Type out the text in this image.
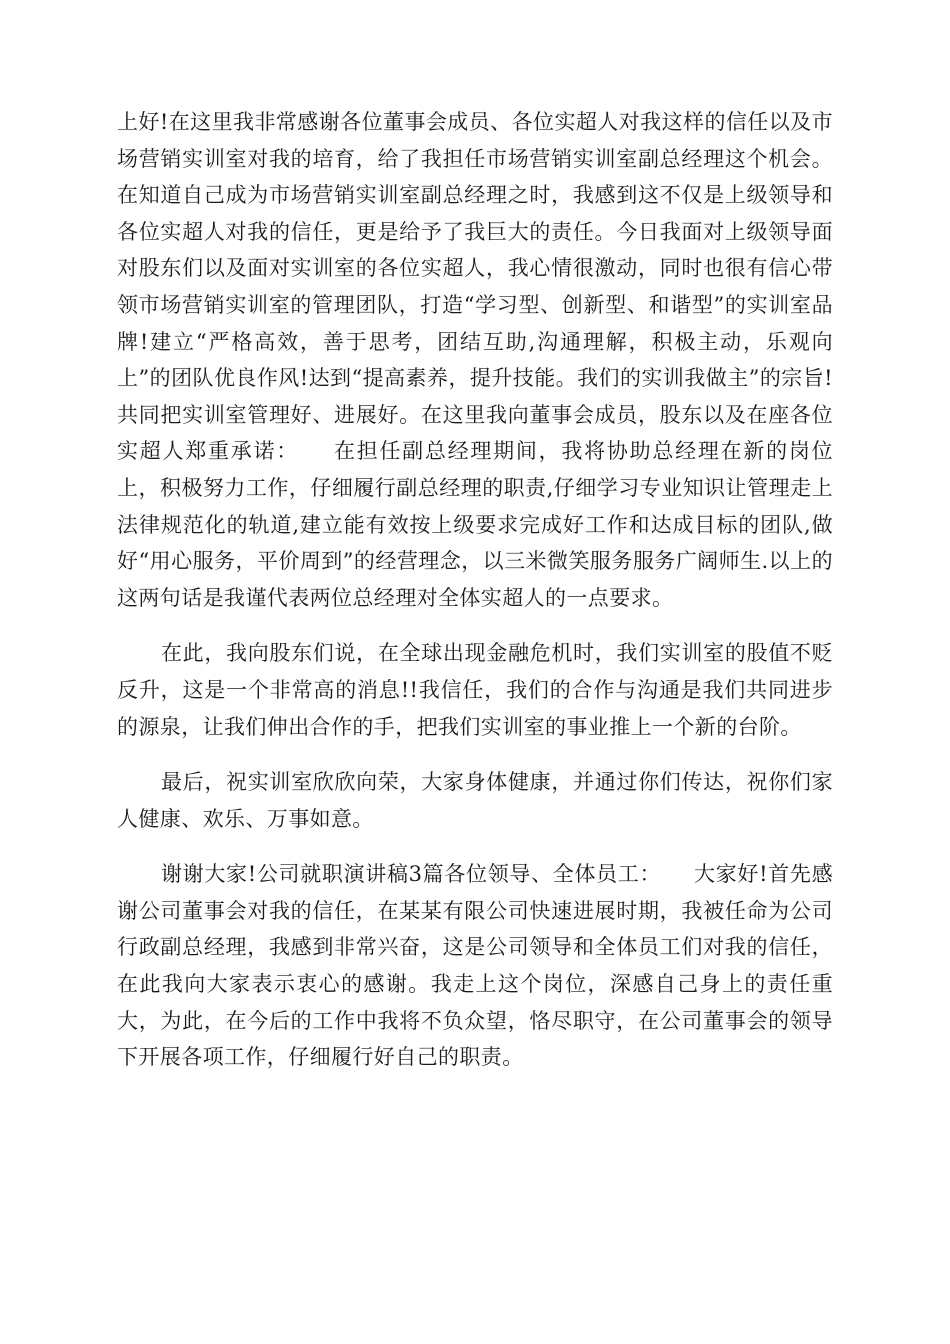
上好!在这里我非常感谢各位董事会成员、各位实超人对我这样的信任以及市场营销实训室对我的培育，给了我担任市场营销实训室副总经理这个机会。在知道自己成为市场营销实训室副总经理之时，我感到这不仅是上级领导和各位实超人对我的信任，更是给予了我巨大的责任。今日我面对上级领导面对股东们以及面对实训室的各位实超人，我心情很激动，同时也很有信心带领市场营销实训室的管理团队，打造“学习型、创新型、和谐型”的实训室品牌!建立“严格高效，善于思考，团结互助,沟通理解，积极主动，乐观向上”的团队优良作风!达到“提高素养，提升技能。我们的实训我做主”的宗旨!共同把实训室管理好、进展好。在这里我向董事会成员，股东以及在座各位实超人郑重承诺：　　在担任副总经理期间，我将协助总经理在新的岗位上，积极努力工作，仔细履行副总经理的职责,仔细学习专业知识让管理走上法律规范化的轨道,建立能有效按上级要求完成好工作和达成目标的团队,做好“用心服务，平价周到”的经营理念，以三米微笑服务服务广阔师生.以上的这两句话是我谨代表两位总经理对全体实超人的一点要求。

在此，我向股东们说，在全球出现金融危机时，我们实训室的股值不贬反升，这是一个非常高的消息!!我信任，我们的合作与沟通是我们共同进步的源泉，让我们伸出合作的手，把我们实训室的事业推上一个新的台阶。

最后，祝实训室欣欣向荣，大家身体健康，并通过你们传达，祝你们家人健康、欢乐、万事如意。

谢谢大家!公司就职演讲稿3篇各位领导、全体员工：　　大家好!首先感谢公司董事会对我的信任，在某某有限公司快速进展时期，我被任命为公司行政副总经理，我感到非常兴奋，这是公司领导和全体员工们对我的信任，在此我向大家表示衷心的感谢。我走上这个岗位，深感自己身上的责任重大，为此，在今后的工作中我将不负众望，恪尽职守，在公司董事会的领导下开展各项工作，仔细履行好自己的职责。
